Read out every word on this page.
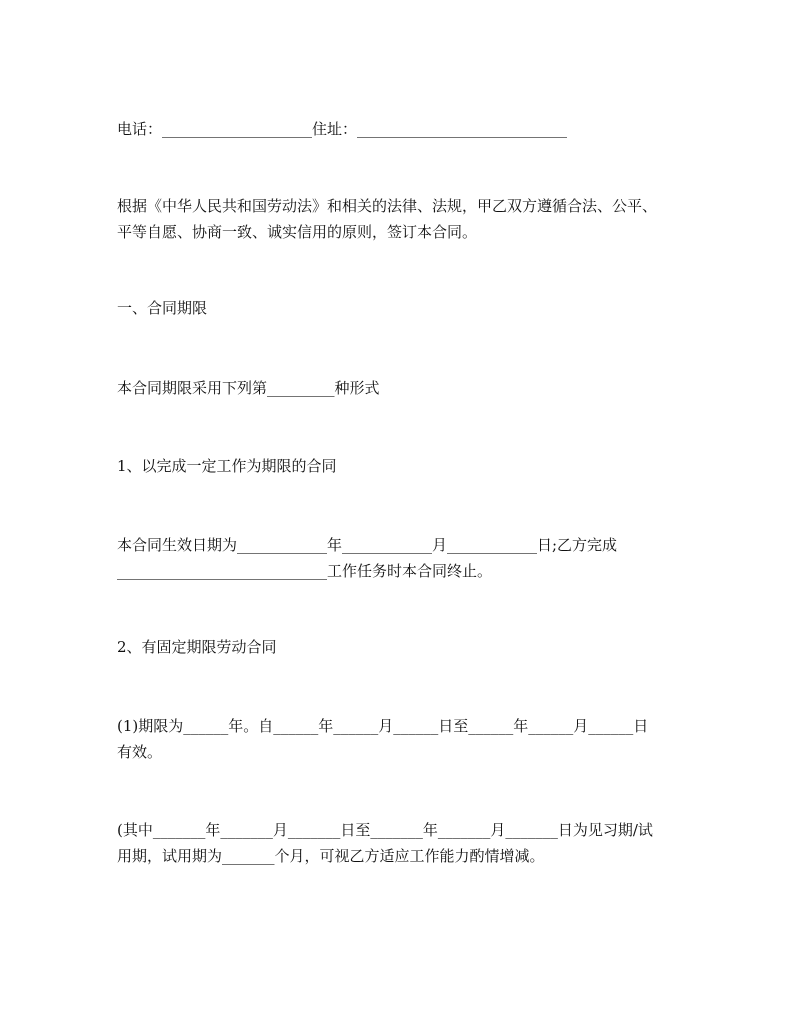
电话：____________________住址：____________________________

根据《中华人民共和国劳动法》和相关的法律、法规，甲乙双方遵循合法、公平、

平等自愿、协商一致、诚实信用的原则，签订本合同。

一、合同期限

本合同期限采用下列第_________种形式

1、以完成一定工作为期限的合同

本合同生效日期为____________年____________月____________日;乙方完成

____________________________工作任务时本合同终止。

2、有固定期限劳动合同

(1)期限为______年。自______年______月______日至______年______月______日

有效。

(其中_______年_______月_______日至_______年_______月_______日为见习期/试

用期，试用期为_______个月，可视乙方适应工作能力酌情增减。
